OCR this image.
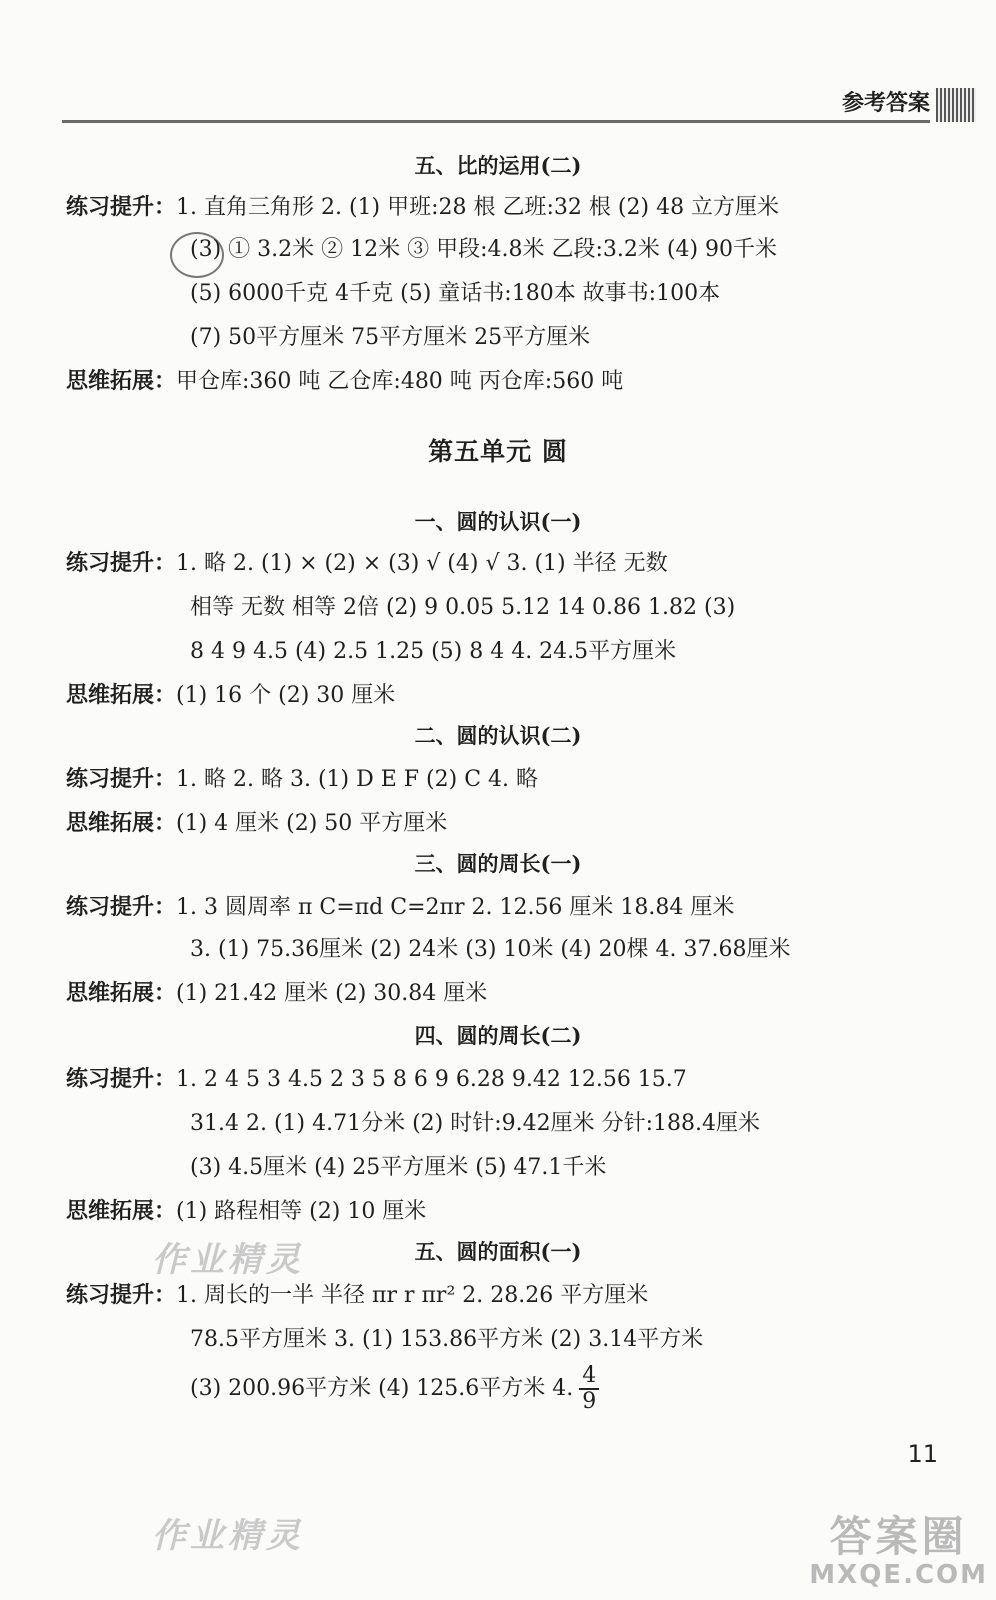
参考答案
五、比的运用(二)
练习提升：1. 直角三角形 2. (1) 甲班:28 根 乙班:32 根 (2) 48 立方厘米
(3) ① 3.2米 ② 12米 ③ 甲段:4.8米 乙段:3.2米 (4) 90千米
(5) 6000千克 4千克 (5) 童话书:180本 故事书:100本
(7) 50平方厘米 75平方厘米 25平方厘米
思维拓展：甲仓库:360 吨 乙仓库:480 吨 丙仓库:560 吨
第五单元 圆
一、圆的认识(一)
练习提升：1. 略 2. (1) × (2) × (3) √ (4) √ 3. (1) 半径 无数
相等 无数 相等 2倍 (2) 9 0.05 5.12 14 0.86 1.82 (3)
8 4 9 4.5 (4) 2.5 1.25 (5) 8 4 4. 24.5平方厘米
思维拓展：(1) 16 个 (2) 30 厘米
二、圆的认识(二)
练习提升：1. 略 2. 略 3. (1) D E F (2) C 4. 略
思维拓展：(1) 4 厘米 (2) 50 平方厘米
三、圆的周长(一)
练习提升：1. 3 圆周率 π C=πd C=2πr 2. 12.56 厘米 18.84 厘米
3. (1) 75.36厘米 (2) 24米 (3) 10米 (4) 20棵 4. 37.68厘米
思维拓展：(1) 21.42 厘米 (2) 30.84 厘米
四、圆的周长(二)
练习提升：1. 2 4 5 3 4.5 2 3 5 8 6 9 6.28 9.42 12.56 15.7
31.4 2. (1) 4.71分米 (2) 时针:9.42厘米 分针:188.4厘米
(3) 4.5厘米 (4) 25平方厘米 (5) 47.1千米
思维拓展：(1) 路程相等 (2) 10 厘米
五、圆的面积(一)
练习提升：1. 周长的一半 半径 πr r πr² 2. 28.26 平方厘米
78.5平方厘米 3. (1) 153.86平方米 (2) 3.14平方米
(3) 200.96平方米 (4) 125.6平方米 4. $\frac{4}{9}$
11
作业精灵
作业精灵	答案圈
MXQE.COM
